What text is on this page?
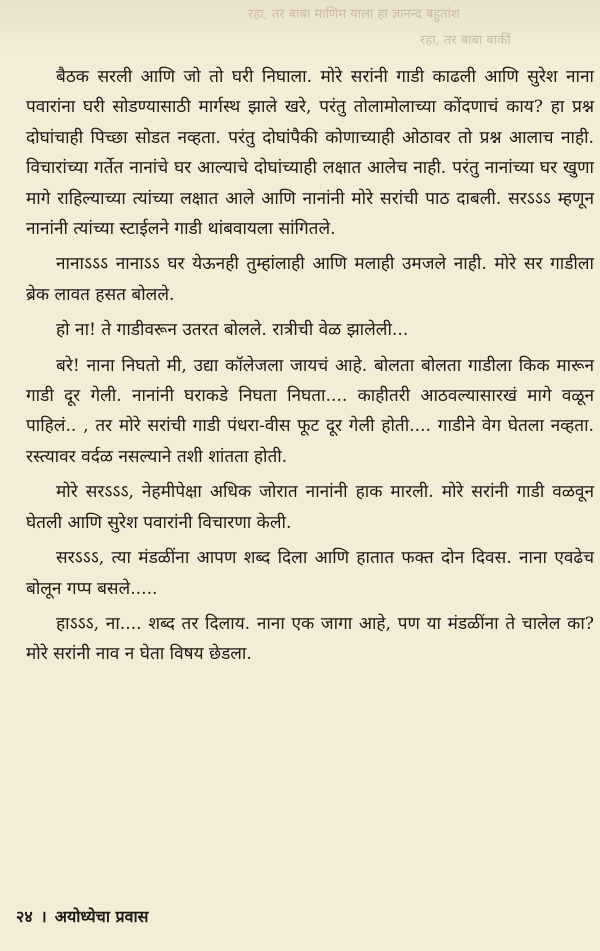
रहा, तर बाबा माणिम याला हा ज्ञानन्द बहुतांश
रहा, तर बाबा बाकीं

बैठक सरली आणि जो तो घरी निघाला. मोरे सरांनी गाडी काढली आणि सुरेश नाना पवारांना घरी सोडण्यासाठी मार्गस्थ झाले खरे, परंतु तोलामोलाच्या कोंदणाचं काय? हा प्रश्न दोघांचाही पिच्छा सोडत नव्हता. परंतु दोघांपैकी कोणाच्याही ओठावर तो प्रश्न आलाच नाही. विचारांच्या गर्तेत नानांचे घर आल्याचे दोघांच्याही लक्षात आलेच नाही. परंतु नानांच्या घर खुणा मागे राहिल्याच्या त्यांच्या लक्षात आले आणि नानांनी मोरे सरांची पाठ दाबली. सरऽऽऽ म्हणून नानांनी त्यांच्या स्टाईलने गाडी थांबवायला सांगितले.

नानाऽऽऽ नानाऽऽ घर येऊनही तुम्हांलाही आणि मलाही उमजले नाही. मोरे सर गाडीला ब्रेक लावत हसत बोलले.

हो ना! ते गाडीवरून उतरत बोलले. रात्रीची वेळ झालेली...

बरे! नाना निघतो मी, उद्या कॉलेजला जायचं आहे. बोलता बोलता गाडीला किक मारून गाडी दूर गेली. नानांनी घराकडे निघता निघता.... काहीतरी आठवल्यासारखं मागे वळून पाहिलं.. , तर मोरे सरांची गाडी पंधरा-वीस फूट दूर गेली होती.... गाडीने वेग घेतला नव्हता. रस्त्यावर वर्दळ नसल्याने तशी शांतता होती.

मोरे सरऽऽऽ, नेहमीपेक्षा अधिक जोरात नानांनी हाक मारली. मोरे सरांनी गाडी वळवून घेतली आणि सुरेश पवारांनी विचारणा केली.

सरऽऽऽ, त्या मंडळींना आपण शब्द दिला आणि हातात फक्त दोन दिवस. नाना एवढेच बोलून गप्प बसले.....

हाऽऽऽ, ना.... शब्द तर दिलाय. नाना एक जागा आहे, पण या मंडळींना ते चालेल का? मोरे सरांनी नाव न घेता विषय छेडला.

२४ । अयोध्येचा प्रवास
